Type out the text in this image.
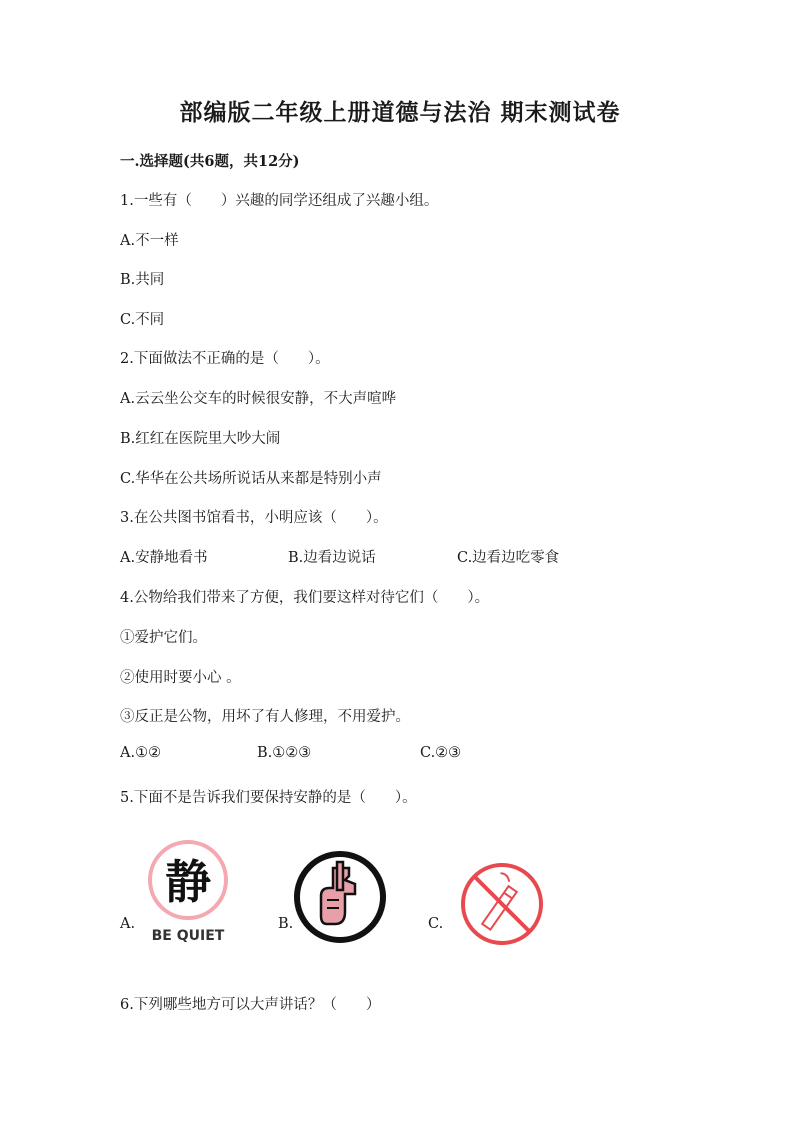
部编版二年级上册道德与法治 期末测试卷
一.选择题(共6题，共12分)
1.一些有（　　）兴趣的同学还组成了兴趣小组。
A.不一样
B.共同
C.不同
2.下面做法不正确的是（　　）。
A.云云坐公交车的时候很安静，不大声喧哗
B.红红在医院里大吵大闹
C.华华在公共场所说话从来都是特别小声
3.在公共图书馆看书，小明应该（　　）。
A.安静地看书	B.边看边说话	C.边看边吃零食
4.公物给我们带来了方便，我们要这样对待它们（　　）。
①爱护它们。
②使用时要小心 。
③反正是公物，用坏了有人修理，不用爱护。
A.①②	B.①②③	C.②③
5.下面不是告诉我们要保持安静的是（　　）。
A.
静
BE QUIET
B.	C.
6.下列哪些地方可以大声讲话？（　　）
